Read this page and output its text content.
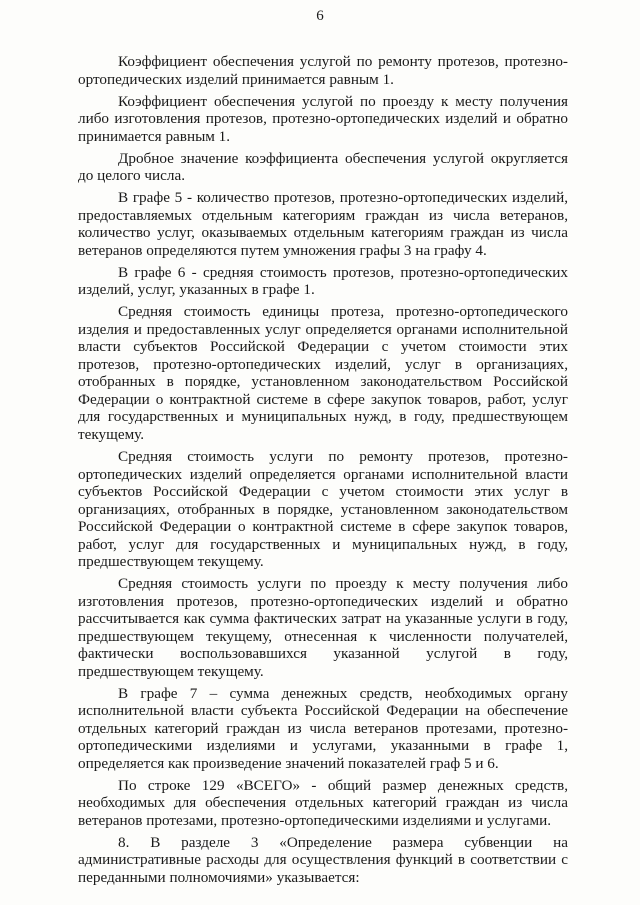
6

Коэффициент обеспечения услугой по ремонту протезов, протезно-ортопедических изделий принимается равным 1.

Коэффициент обеспечения услугой по проезду к месту получения либо изготовления протезов, протезно-ортопедических изделий и обратно принимается равным 1.

Дробное значение коэффициента обеспечения услугой округляется до целого числа.

В графе 5 - количество протезов, протезно-ортопедических изделий, предоставляемых отдельным категориям граждан из числа ветеранов, количество услуг, оказываемых отдельным категориям граждан из числа ветеранов определяются путем умножения графы 3 на графу 4.

В графе 6 - средняя стоимость протезов, протезно-ортопедических изделий, услуг, указанных в графе 1.

Средняя стоимость единицы протеза, протезно-ортопедического изделия и предоставленных услуг определяется органами исполнительной власти субъектов Российской Федерации с учетом стоимости этих протезов, протезно-ортопедических изделий, услуг в организациях, отобранных в порядке, установленном законодательством Российской Федерации о контрактной системе в сфере закупок товаров, работ, услуг для государственных и муниципальных нужд, в году, предшествующем текущему.

Средняя стоимость услуги по ремонту протезов, протезно-ортопедических изделий определяется органами исполнительной власти субъектов Российской Федерации с учетом стоимости этих услуг в организациях, отобранных в порядке, установленном законодательством Российской Федерации о контрактной системе в сфере закупок товаров, работ, услуг для государственных и муниципальных нужд, в году, предшествующем текущему.

Средняя стоимость услуги по проезду к месту получения либо изготовления протезов, протезно-ортопедических изделий и обратно рассчитывается как сумма фактических затрат на указанные услуги в году, предшествующем текущему, отнесенная к численности получателей, фактически воспользовавшихся указанной услугой в году, предшествующем текущему.

В графе 7 – сумма денежных средств, необходимых органу исполнительной власти субъекта Российской Федерации на обеспечение отдельных категорий граждан из числа ветеранов протезами, протезно-ортопедическими изделиями и услугами, указанными в графе 1, определяется как произведение значений показателей граф 5 и 6.

По строке 129 «ВСЕГО» - общий размер денежных средств, необходимых для обеспечения отдельных категорий граждан из числа ветеранов протезами, протезно-ортопедическими изделиями и услугами.

8. В разделе 3 «Определение размера субвенции на административные расходы для осуществления функций в соответствии с переданными полномочиями» указывается:
